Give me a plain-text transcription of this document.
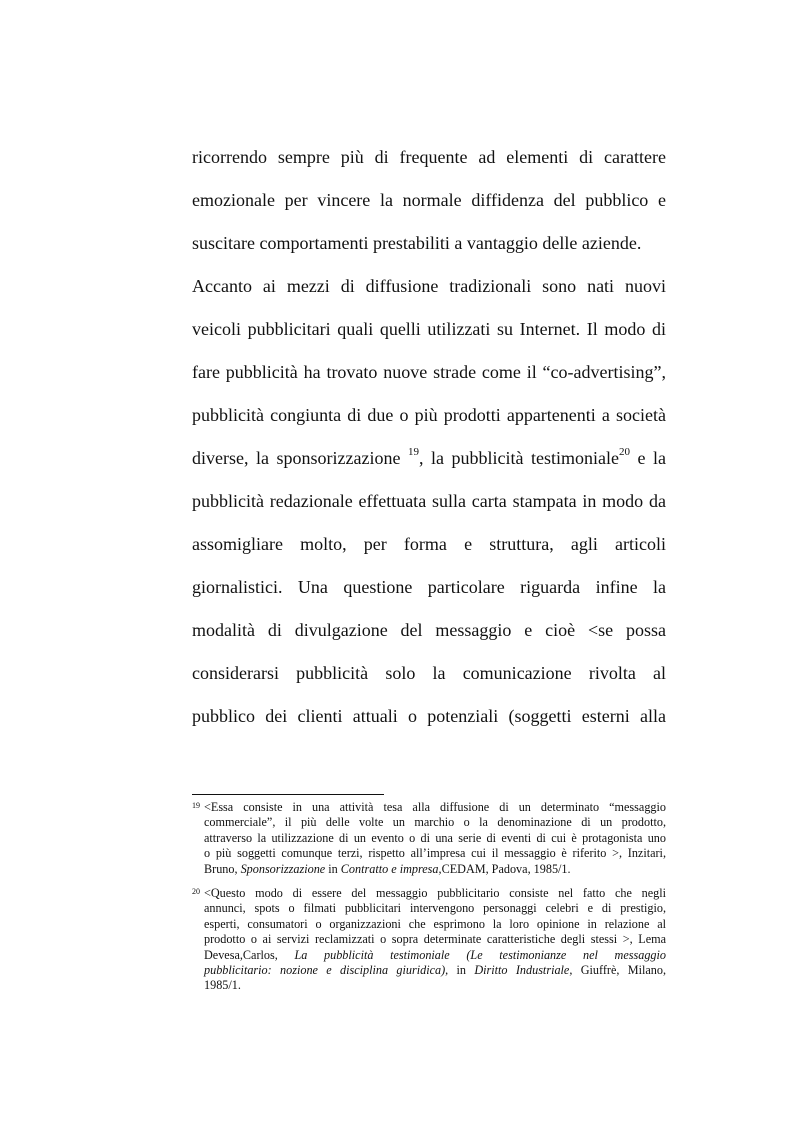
ricorrendo sempre più di frequente ad elementi di carattere
emozionale per vincere la normale diffidenza del pubblico e
suscitare comportamenti prestabiliti a vantaggio delle aziende.
Accanto ai mezzi di diffusione tradizionali sono nati nuovi
veicoli pubblicitari quali quelli utilizzati su Internet. Il modo di
fare pubblicità ha trovato nuove strade come il “co-advertising”,
pubblicità congiunta di due o più prodotti appartenenti a società
diverse, la sponsorizzazione $^{19}$, la pubblicità testimoniale$^{20}$ e la
pubblicità redazionale effettuata sulla carta stampata in modo da
assomigliare molto, per forma e struttura, agli articoli
giornalistici. Una questione particolare riguarda infine la
modalità di divulgazione del messaggio e cioè <se possa
considerarsi pubblicità solo la comunicazione rivolta al
pubblico dei clienti attuali o potenziali (soggetti esterni alla
19 <Essa consiste in una attività tesa alla diffusione di un determinato “messaggio
commerciale”, il più delle volte un marchio o la denominazione di un prodotto,
attraverso la utilizzazione di un evento o di una serie di eventi di cui è protagonista uno
o più soggetti comunque terzi, rispetto all’impresa cui il messaggio è riferito >, Inzitari,
Bruno, Sponsorizzazione in Contratto e impresa,CEDAM, Padova, 1985/1.
20 <Questo modo di essere del messaggio pubblicitario consiste nel fatto che negli
annunci, spots o filmati pubblicitari intervengono personaggi celebri e di prestigio,
esperti, consumatori o organizzazioni che esprimono la loro opinione in relazione al
prodotto o ai servizi reclamizzati o sopra determinate caratteristiche degli stessi >, Lema
Devesa,Carlos, La pubblicità testimoniale (Le testimonianze nel messaggio
pubblicitario: nozione e disciplina giuridica), in Diritto Industriale, Giuffrè, Milano,
1985/1.
